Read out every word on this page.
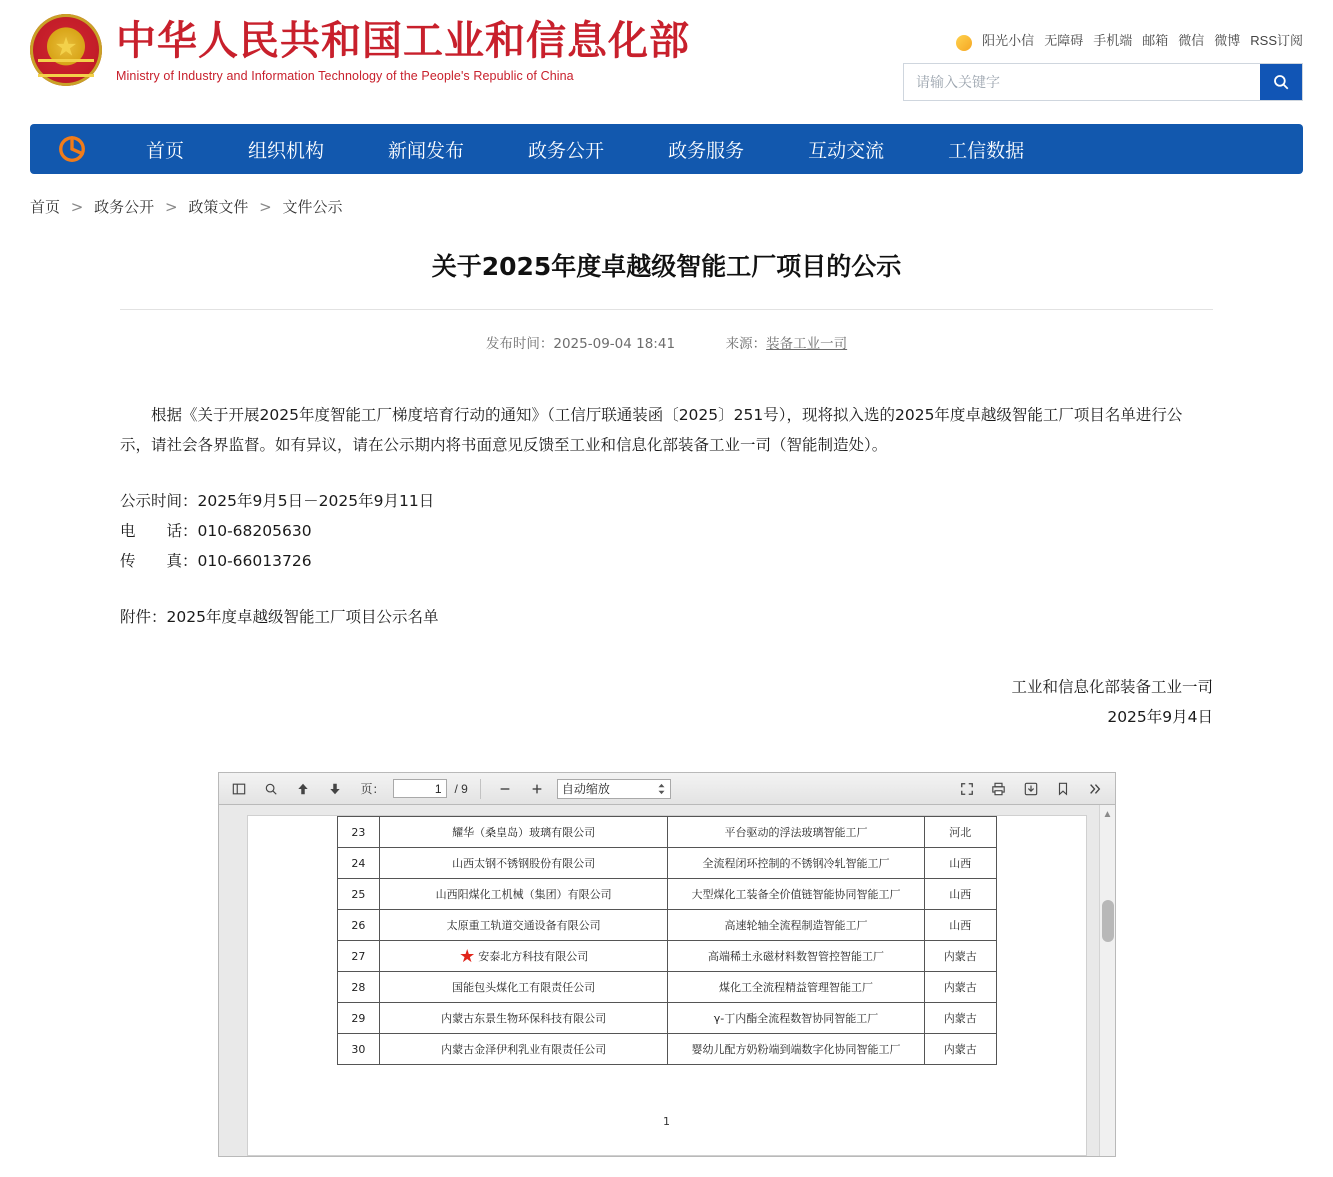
★
中华人民共和国工业和信息化部
Ministry of Industry and Information Technology of the People's Republic of China
阳光小信 无障碍 手机端 邮箱 微信 微博 RSS订阅
请输入关键字
首页	组织机构	新闻发布	政务公开	政务服务	互动交流	工信数据
首页 > 政务公开 > 政策文件 > 文件公示
关于2025年度卓越级智能工厂项目的公示
发布时间：2025-09-04 18:41	来源：装备工业一司
根据《关于开展2025年度智能工厂梯度培育行动的通知》（工信厅联通装函〔2025〕251号），现将拟入选的2025年度卓越级智能工厂项目名单进行公示，请社会各界监督。如有异议，请在公示期内将书面意见反馈至工业和信息化部装备工业一司（智能制造处）。
公示时间：2025年9月5日－2025年9月11日
电　　话：010-68205630
传　　真：010-66013726
附件：2025年度卓越级智能工厂项目公示名单
工业和信息化部装备工业一司
2025年9月4日
页：
1	/ 9	自动缩放
23	耀华（桑皇岛）玻璃有限公司	平台驱动的浮法玻璃智能工厂	河北
24	山西太钢不锈钢股份有限公司	全流程闭环控制的不锈钢冷轧智能工厂	山西
25	山西阳煤化工机械（集团）有限公司	大型煤化工装备全价值链智能协同智能工厂	山西
26	太原重工轨道交通设备有限公司	高速轮轴全流程制造智能工厂	山西
27	★ 安泰北方科技有限公司	高端稀土永磁材料数智管控智能工厂	内蒙古
28	国能包头煤化工有限责任公司	煤化工全流程精益管理智能工厂	内蒙古
29	内蒙古东景生物环保科技有限公司	γ-丁内酯全流程数智协同智能工厂	内蒙古
30	内蒙古金泽伊利乳业有限责任公司	婴幼儿配方奶粉端到端数字化协同智能工厂	内蒙古
1
▲
